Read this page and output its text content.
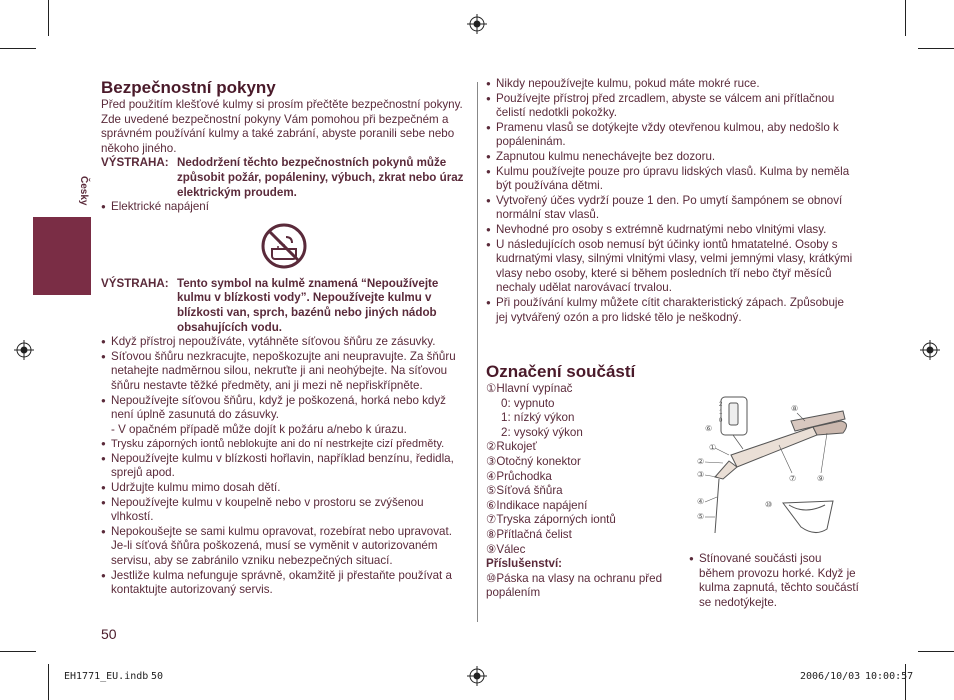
Česky
Bezpečnostní pokyny

Před použitím klešťové kulmy si prosím přečtěte bezpečnostní pokyny. Zde uvedené bezpečnostní pokyny Vám pomohou při bezpečném a správném používání kulmy a také zabrání, abyste poranili sebe nebo někoho jiného.

VÝSTRAHA: Nedodržení těchto bezpečnostních pokynů může způsobit požár, popáleniny, výbuch, zkrat nebo úraz elektrickým proudem.

● Elektrické napájení

VÝSTRAHA: Tento symbol na kulmě znamená “Nepoužívejte kulmu v blízkosti vody”. Nepoužívejte kulmu v blízkosti van, sprch, bazénů nebo jiných nádob obsahujících vodu.

● Když přístroj nepoužíváte, vytáhněte síťovou šňůru ze zásuvky.

● Síťovou šňůru nezkracujte, nepoškozujte ani neupravujte. Za šňůru netahejte nadměrnou silou, nekruťte ji ani neohýbejte. Na síťovou šňůru nestavte těžké předměty, ani ji mezi ně nepřiskřípněte.

● Nepoužívejte síťovou šňůru, když je poškozená, horká nebo když není úplně zasunutá do zásuvky.

- V opačném případě může dojít k požáru a/nebo k úrazu.

● Trysku záporných iontů neblokujte ani do ní nestrkejte cizí předměty.

● Nepoužívejte kulmu v blízkosti hořlavin, například benzínu, ředidla, sprejů apod.

● Udržujte kulmu mimo dosah dětí.

● Nepoužívejte kulmu v koupelně nebo v prostoru se zvýšenou vlhkostí.

● Nepokoušejte se sami kulmu opravovat, rozebírat nebo upravovat. Je-li síťová šňůra poškozená, musí se vyměnit v autorizovaném servisu, aby se zabránilo vzniku nebezpečných situací.

● Jestliže kulma nefunguje správně, okamžitě ji přestaňte používat a kontaktujte autorizovaný servis.

50

● Nikdy nepoužívejte kulmu, pokud máte mokré ruce.

● Používejte přístroj před zrcadlem, abyste se válcem ani přítlačnou čelistí nedotkli pokožky.

● Pramenu vlasů se dotýkejte vždy otevřenou kulmou, aby nedošlo k popáleninám.

● Zapnutou kulmu nenechávejte bez dozoru.

● Kulmu používejte pouze pro úpravu lidských vlasů. Kulma by neměla být používána dětmi.

● Vytvořený účes vydrží pouze 1 den. Po umytí šampónem se obnoví normální stav vlasů.

● Nevhodné pro osoby s extrémně kudrnatými nebo vlnitými vlasy.

● U následujících osob nemusí být účinky iontů hmatatelné. Osoby s kudrnatými vlasy, silnými vlnitými vlasy, velmi jemnými vlasy, krátkými vlasy nebo osoby, které si během posledních tří nebo čtyř měsíců nechaly udělat narovávací trvalou.

● Při používání kulmy můžete cítit charakteristický zápach. Způsobuje jej vytvářený ozón a pro lidské tělo je neškodný.

Označení součástí

①Hlavní vypínač

0: vypnuto

1: nízký výkon

2: vysoký výkon

②Rukojeť

③Otočný konektor

④Průchodka

⑤Síťová šňůra

⑥Indikace napájení

⑦Tryska záporných iontů

⑧Přítlačná čelist

⑨Válec

Příslušenství:

⑩Páska na vlasy na ochranu před popálením

2
1
0
①
②
③
④
⑤
⑥
⑦
⑧
⑨
⑩

● Stínované součásti jsou během provozu horké. Když je kulma zapnutá, těchto součástí se nedotýkejte.

EH1771_EU.indb 50	2006/10/03 10:00:57
